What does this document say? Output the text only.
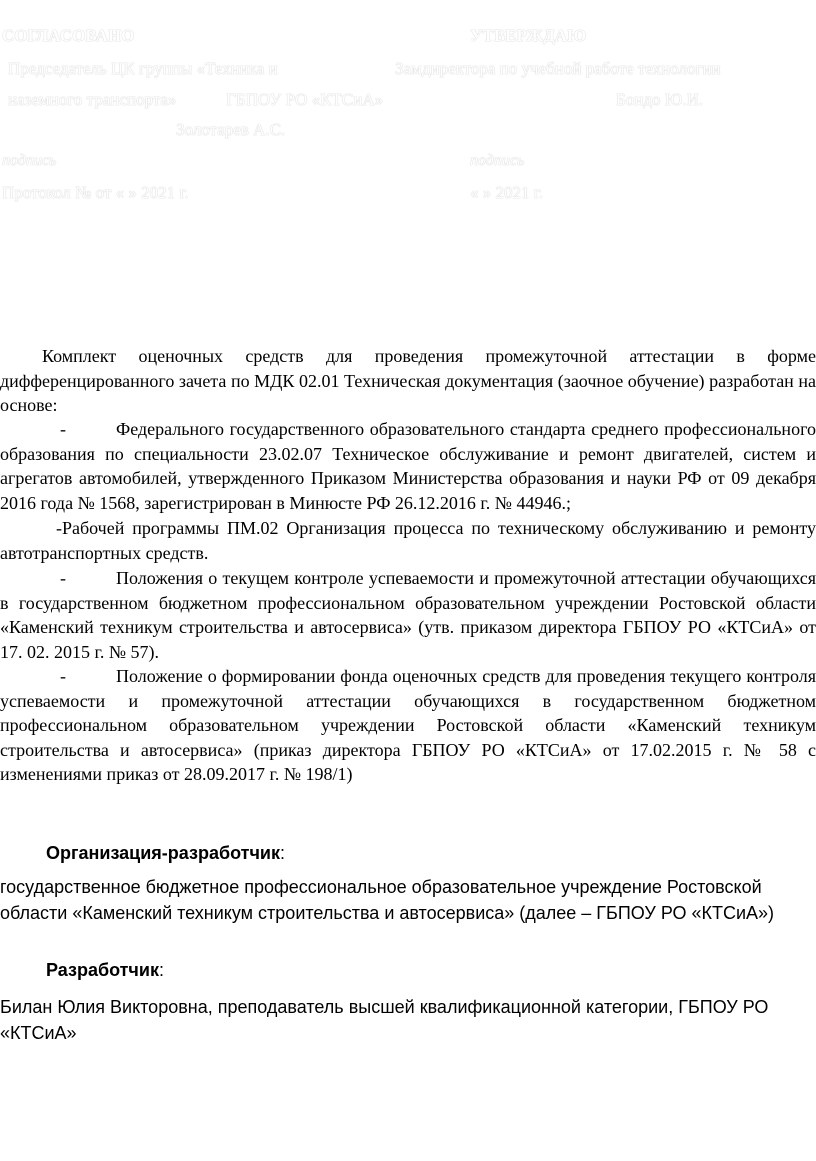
СОГЛАСОВАНО	УТВЕРЖДАЮ
Председатель ЦК группы «Техника и	Замдиректора по учебной работе технологии
наземного транспорта»	ГБПОУ РО «КТСиА»	Бондо Ю.И.
Золотарев А.С.
подпись	подпись
Протокол № от « » 2021 г.	« » 2021 г.

Комплект оценочных средств для проведения промежуточной аттестации в форме дифференцированного зачета по МДК 02.01 Техническая документация (заочное обучение) разработан на основе:

-	Федерального государственного образовательного стандарта среднего профессионального образования по специальности 23.02.07 Техническое обслуживание и ремонт двигателей, систем и агрегатов автомобилей, утвержденного Приказом Министерства образования и науки РФ от 09 декабря 2016 года № 1568, зарегистрирован в Минюсте РФ 26.12.2016 г. № 44946.;

-Рабочей программы ПМ.02 Организация процесса по техническому обслуживанию и ремонту автотранспортных средств.

-	Положения о текущем контроле успеваемости и промежуточной аттестации обучающихся в государственном бюджетном профессиональном образовательном учреждении Ростовской области «Каменский техникум строительства и автосервиса» (утв. приказом директора ГБПОУ РО «КТСиА» от 17. 02. 2015 г. № 57).
-	Положение о формировании фонда оценочных средств для проведения текущего контроля успеваемости и промежуточной аттестации обучающихся в государственном бюджетном профессиональном образовательном учреждении Ростовской области «Каменский техникум строительства и автосервиса» (приказ директора ГБПОУ РО «КТСиА» от 17.02.2015 г. № 58 с изменениями приказ от 28.09.2017 г. № 198/1)
Организация-разработчик:

государственное бюджетное профессиональное образовательное учреждение Ростовской области «Каменский техникум строительства и автосервиса» (далее – ГБПОУ РО «КТСиА»)

Разработчик:

Билан Юлия Викторовна, преподаватель высшей квалификационной категории, ГБПОУ РО «КТСиА»
